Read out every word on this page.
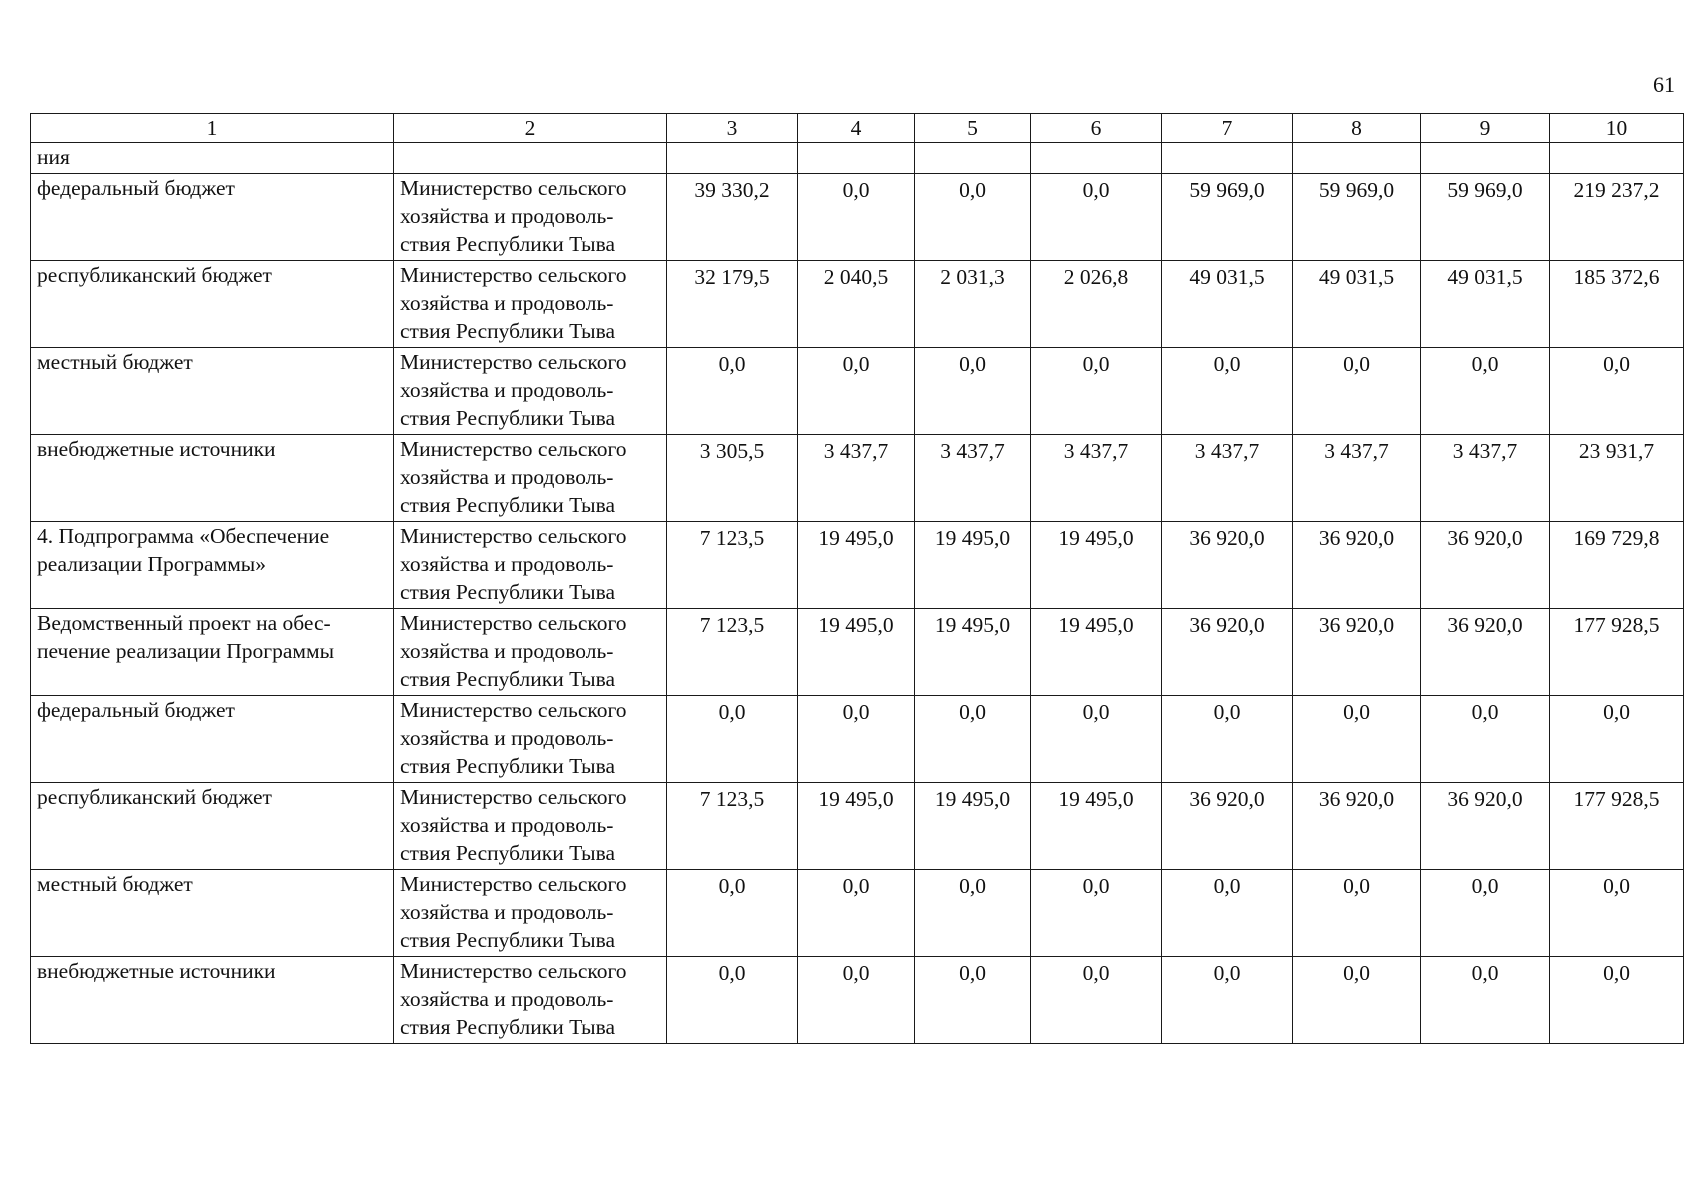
61
1	2	3	4	5	6	7	8	9	10
ния									
федеральный бюджет	Министерство сельского хозяйства и продоволь-ствия Республики Тыва	39 330,2	0,0	0,0	0,0	59 969,0	59 969,0	59 969,0	219 237,2
республиканский бюджет	Министерство сельского хозяйства и продоволь-ствия Республики Тыва	32 179,5	2 040,5	2 031,3	2 026,8	49 031,5	49 031,5	49 031,5	185 372,6
местный бюджет	Министерство сельского хозяйства и продоволь-ствия Республики Тыва	0,0	0,0	0,0	0,0	0,0	0,0	0,0	0,0
внебюджетные источники	Министерство сельского хозяйства и продоволь-ствия Республики Тыва	3 305,5	3 437,7	3 437,7	3 437,7	3 437,7	3 437,7	3 437,7	23 931,7
4. Подпрограмма «Обеспечение реализации Программы»	Министерство сельского хозяйства и продоволь-ствия Республики Тыва	7 123,5	19 495,0	19 495,0	19 495,0	36 920,0	36 920,0	36 920,0	169 729,8
Ведомственный проект на обес-печение реализации Программы	Министерство сельского хозяйства и продоволь-ствия Республики Тыва	7 123,5	19 495,0	19 495,0	19 495,0	36 920,0	36 920,0	36 920,0	177 928,5
федеральный бюджет	Министерство сельского хозяйства и продоволь-ствия Республики Тыва	0,0	0,0	0,0	0,0	0,0	0,0	0,0	0,0
республиканский бюджет	Министерство сельского хозяйства и продоволь-ствия Республики Тыва	7 123,5	19 495,0	19 495,0	19 495,0	36 920,0	36 920,0	36 920,0	177 928,5
местный бюджет	Министерство сельского хозяйства и продоволь-ствия Республики Тыва	0,0	0,0	0,0	0,0	0,0	0,0	0,0	0,0
внебюджетные источники	Министерство сельского хозяйства и продоволь-ствия Республики Тыва	0,0	0,0	0,0	0,0	0,0	0,0	0,0	0,0
